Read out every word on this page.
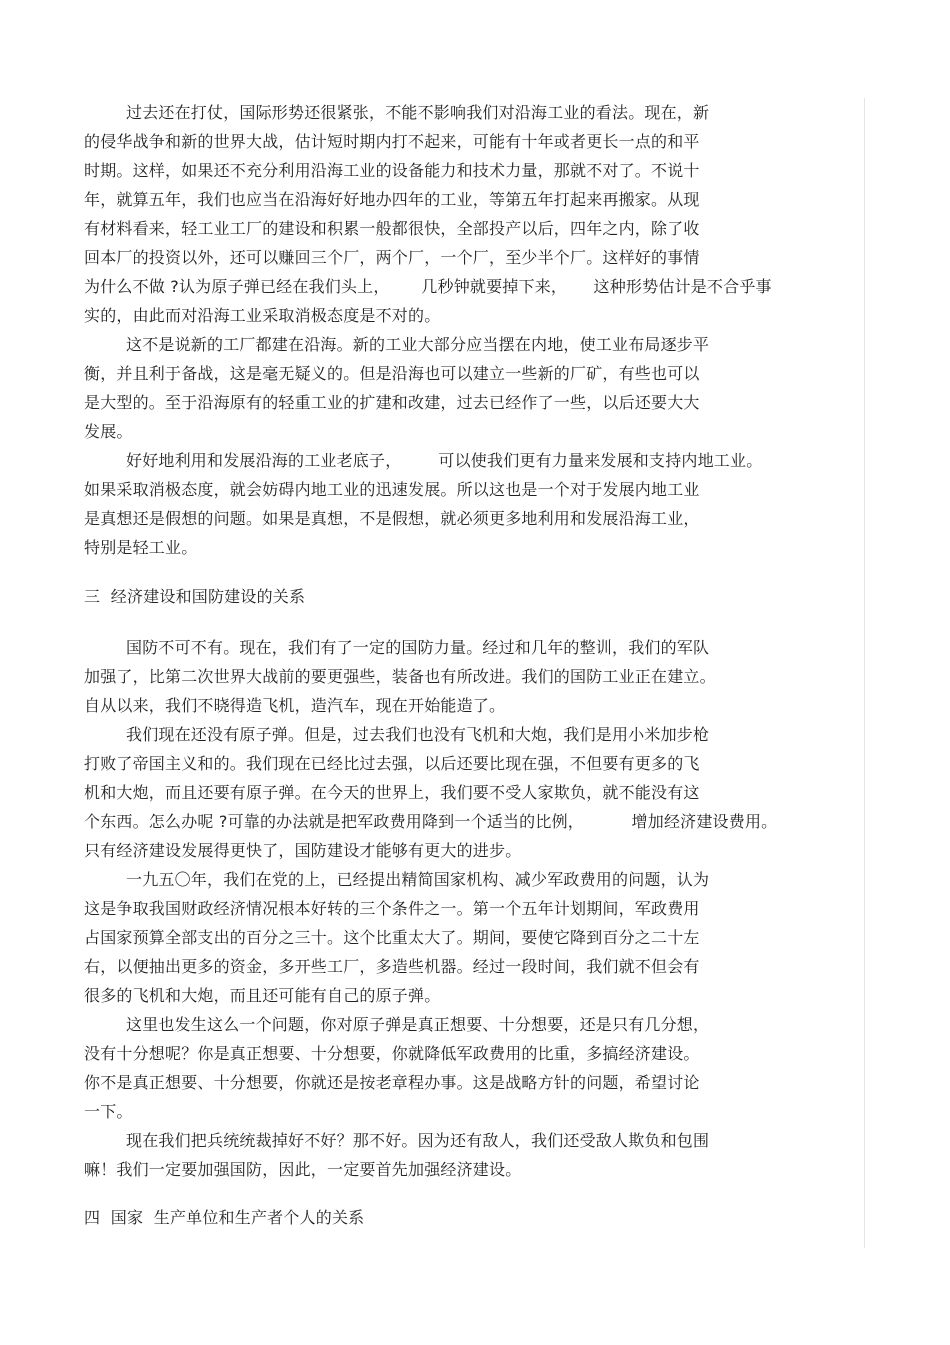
过去还在打仗，国际形势还很紧张，不能不影响我们对沿海工业的看法。现在，新
的侵华战争和新的世界大战，估计短时期内打不起来，可能有十年或者更长一点的和平
时期。这样，如果还不充分利用沿海工业的设备能力和技术力量，那就不对了。不说十
年，就算五年，我们也应当在沿海好好地办四年的工业，等第五年打起来再搬家。从现
有材料看来，轻工业工厂的建设和积累一般都很快，全部投产以后，四年之内，除了收
回本厂的投资以外，还可以赚回三个厂，两个厂，一个厂，至少半个厂。这样好的事情
为什么不做 ?认为原子弹已经在我们头上，      几秒钟就要掉下来，     这种形势估计是不合乎事
实的，由此而对沿海工业采取消极态度是不对的。
这不是说新的工厂都建在沿海。新的工业大部分应当摆在内地，使工业布局逐步平
衡，并且利于备战，这是毫无疑义的。但是沿海也可以建立一些新的厂矿，有些也可以
是大型的。至于沿海原有的轻重工业的扩建和改建，过去已经作了一些，以后还要大大
发展。
好好地利用和发展沿海的工业老底子，       可以使我们更有力量来发展和支持内地工业。
如果采取消极态度，就会妨碍内地工业的迅速发展。所以这也是一个对于发展内地工业
是真想还是假想的问题。如果是真想，不是假想，就必须更多地利用和发展沿海工业，
特别是轻工业。
三  经济建设和国防建设的关系
国防不可不有。现在，我们有了一定的国防力量。经过和几年的整训，我们的军队
加强了，比第二次世界大战前的要更强些，装备也有所改进。我们的国防工业正在建立。
自从以来，我们不晓得造飞机，造汽车，现在开始能造了。
我们现在还没有原子弹。但是，过去我们也没有飞机和大炮，我们是用小米加步枪
打败了帝国主义和的。我们现在已经比过去强，以后还要比现在强，不但要有更多的飞
机和大炮，而且还要有原子弹。在今天的世界上，我们要不受人家欺负，就不能没有这
个东西。怎么办呢 ?可靠的办法就是把军政费用降到一个适当的比例，         增加经济建设费用。
只有经济建设发展得更快了，国防建设才能够有更大的进步。
一九五〇年，我们在党的上，已经提出精简国家机构、减少军政费用的问题，认为
这是争取我国财政经济情况根本好转的三个条件之一。第一个五年计划期间，军政费用
占国家预算全部支出的百分之三十。这个比重太大了。期间，要使它降到百分之二十左
右，以便抽出更多的资金，多开些工厂，多造些机器。经过一段时间，我们就不但会有
很多的飞机和大炮，而且还可能有自己的原子弹。
这里也发生这么一个问题，你对原子弹是真正想要、十分想要，还是只有几分想，
没有十分想呢？你是真正想要、十分想要，你就降低军政费用的比重，多搞经济建设。
你不是真正想要、十分想要，你就还是按老章程办事。这是战略方针的问题，希望讨论
一下。
现在我们把兵统统裁掉好不好？那不好。因为还有敌人，我们还受敌人欺负和包围
嘛！我们一定要加强国防，因此，一定要首先加强经济建设。
四  国家  生产单位和生产者个人的关系
